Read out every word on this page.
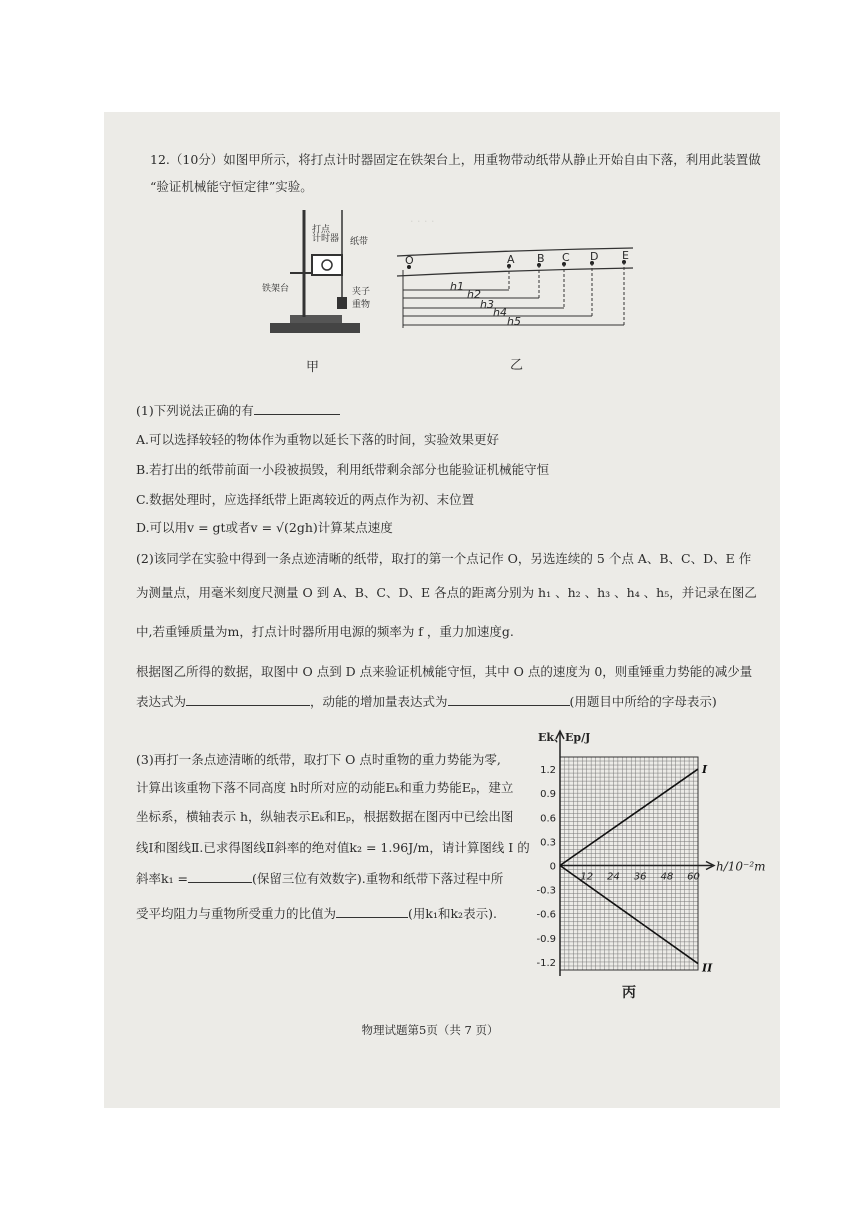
· · · ·
12.（10分）如图甲所示，将打点计时器固定在铁架台上，用重物带动纸带从静止开始自由下落，利用此装置做
“验证机械能守恒定律”实验。
打点
计时器 纸带
铁架台	夹子
重物
甲
O	A B C D E
h1
h2
h3
h4
h5
乙
(1)下列说法正确的有
A.可以选择较轻的物体作为重物以延长下落的时间，实验效果更好
B.若打出的纸带前面一小段被损毁，利用纸带剩余部分也能验证机械能守恒
C.数据处理时，应选择纸带上距离较近的两点作为初、末位置
D.可以用v = gt或者v = √(2gh)计算某点速度
(2)该同学在实验中得到一条点迹清晰的纸带，取打的第一个点记作 O，另选连续的 5 个点 A、B、C、D、E 作
为测量点，用毫米刻度尺测量 O 到 A、B、C、D、E 各点的距离分别为 h₁ 、h₂ 、h₃ 、h₄ 、h₅，并记录在图乙
中,若重锤质量为m，打点计时器所用电源的频率为 f ，重力加速度g.
根据图乙所得的数据，取图中 O 点到 D 点来验证机械能守恒，其中 O 点的速度为 0，则重锤重力势能的减少量
表达式为	，动能的增加量表达式为	(用题目中所给的字母表示)
(3)再打一条点迹清晰的纸带，取打下 O 点时重物的重力势能为零,
计算出该重物下落不同高度 h时所对应的动能Eₖ和重力势能Eₚ，建立
坐标系，横轴表示 h，纵轴表示Eₖ和Eₚ，根据数据在图丙中已绘出图
线Ⅰ和图线Ⅱ.已求得图线Ⅱ斜率的绝对值k₂ = 1.96J/m，请计算图线 I 的
斜率k₁ =	(保留三位有效数字).重物和纸带下落过程中所
受平均阻力与重物所受重力的比值为	(用k₁和k₂表示).
1.2
0.9
0.6
0.3
0
-0.3
-0.6
-0.9
-1.2
12 24 36 48 60
Ek、Ep/J
h/10⁻²m
I
II
丙
物理试题第5页（共 7 页）
